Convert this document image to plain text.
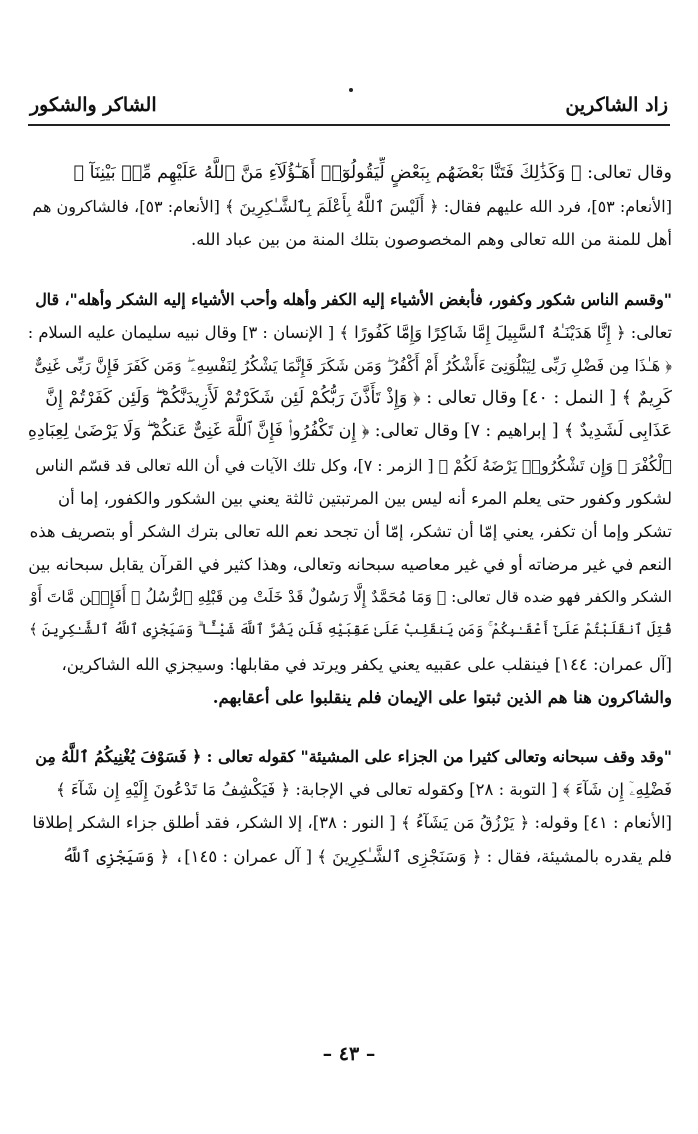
زاد الشاكرين
الشاكر والشكور
وقال تعالى: ﴿ وَكَذَٰلِكَ فَتَنَّا بَعْضَهُم بِبَعْضٍ لِّيَقُولُوٓا۟ أَهَـٰٓؤُلَآءِ مَنَّ ٱللَّهُ عَلَيْهِم مِّنۢ بَيْنِنَآ ﴾
[الأنعام: ٥٣]، فرد الله عليهم فقال: ﴿ أَلَيْسَ ٱللَّهُ بِأَعْلَمَ بِٱلشَّـٰكِرِينَ ﴾ [الأنعام: ٥٣]، فالشاكرون هم
أهل للمنة من الله تعالى وهم المخصوصون بتلك المنة من بين عباد الله.
"وقسم الناس شكور وكفور، فأبغض الأشياء إليه الكفر وأهله وأحب الأشياء إليه الشكر وأهله"، قال
تعالى: ﴿ إِنَّا هَدَيْنَـٰهُ ٱلسَّبِيلَ إِمَّا شَاكِرًا وَإِمَّا كَفُورًا ﴾ [ الإنسان : ٣] وقال نبيه سليمان عليه السلام :
﴿ هَـٰذَا مِن فَضْلِ رَبِّى لِيَبْلُوَنِىٓ ءَأَشْكُرُ أَمْ أَكْفُرُ ۖ وَمَن شَكَرَ فَإِنَّمَا يَشْكُرُ لِنَفْسِهِۦ ۖ وَمَن كَفَرَ فَإِنَّ رَبِّى غَنِىٌّ
كَرِيمٌ ﴾ [ النمل : ٤٠] وقال تعالى : ﴿ وَإِذْ تَأَذَّنَ رَبُّكُمْ لَئِن شَكَرْتُمْ لَأَزِيدَنَّكُمْ ۖ وَلَئِن كَفَرْتُمْ إِنَّ
عَذَابِى لَشَدِيدٌ ﴾ [ إبراهيم : ٧] وقال تعالى: ﴿ إِن تَكْفُرُوا۟ فَإِنَّ ٱللَّهَ غَنِىٌّ عَنكُمْ ۖ وَلَا يَرْضَىٰ لِعِبَادِهِ
ٱلْكُفْرَ ۖ وَإِن تَشْكُرُوا۟ يَرْضَهُ لَكُمْ ﴾ [ الزمر : ٧]، وكل تلك الآيات في أن الله تعالى قد قسّم الناس
لشكور وكفور حتى يعلم المرء أنه ليس بين المرتبتين ثالثة يعني بين الشكور والكفور، إما أن
تشكر وإما أن تكفر، يعني إمّا أن تشكر، إمّا أن تجحد نعم الله تعالى بترك الشكر أو بتصريف هذه
النعم في غير مرضاته أو في غير معاصيه سبحانه وتعالى، وهذا كثير في القرآن يقابل سبحانه بين
الشكر والكفر فهو ضده قال تعالى: ﴿ وَمَا مُحَمَّدٌ إِلَّا رَسُولٌ قَدْ خَلَتْ مِن قَبْلِهِ ٱلرُّسُلُ ۚ أَفَإِي۟ن مَّاتَ أَوْ
قُتِلَ ٱنقَلَبْتُمْ عَلَىٰٓ أَعْقَـٰبِكُمْ ۚ وَمَن يَنقَلِبْ عَلَىٰ عَقِبَيْهِ فَلَن يَضُرَّ ٱللَّهَ شَيْـًٔا ۗ وَسَيَجْزِى ٱللَّهُ ٱلشَّـٰكِرِينَ ﴾
[آل عمران: ١٤٤] فينقلب على عقبيه يعني يكفر ويرتد في مقابلها: وسيجزي الله الشاكرين،
والشاكرون هنا هم الذين ثبتوا على الإيمان فلم ينقلبوا على أعقابهم.
"وقد وقف سبحانه وتعالى كثيرا من الجزاء على المشيئة" كقوله تعالى : ﴿ فَسَوْفَ يُغْنِيكُمُ ٱللَّهُ مِن
فَضْلِهِۦٓ إِن شَآءَ ﴾ [ التوبة : ٢٨] وكقوله تعالى في الإجابة: ﴿ فَيَكْشِفُ مَا تَدْعُونَ إِلَيْهِ إِن شَآءَ ﴾
[الأنعام : ٤١] وقوله: ﴿ يَرْزُقُ مَن يَشَآءُ ﴾ [ النور : ٣٨]، إلا الشكر، فقد أطلق جزاء الشكر إطلاقا
فلم يقدره بالمشيئة، فقال : ﴿ وَسَنَجْزِى ٱلشَّـٰكِرِينَ ﴾ [ آل عمران : ١٤٥]، ﴿ وَسَيَجْزِى ٱللَّهُ
– ٤٣ –
